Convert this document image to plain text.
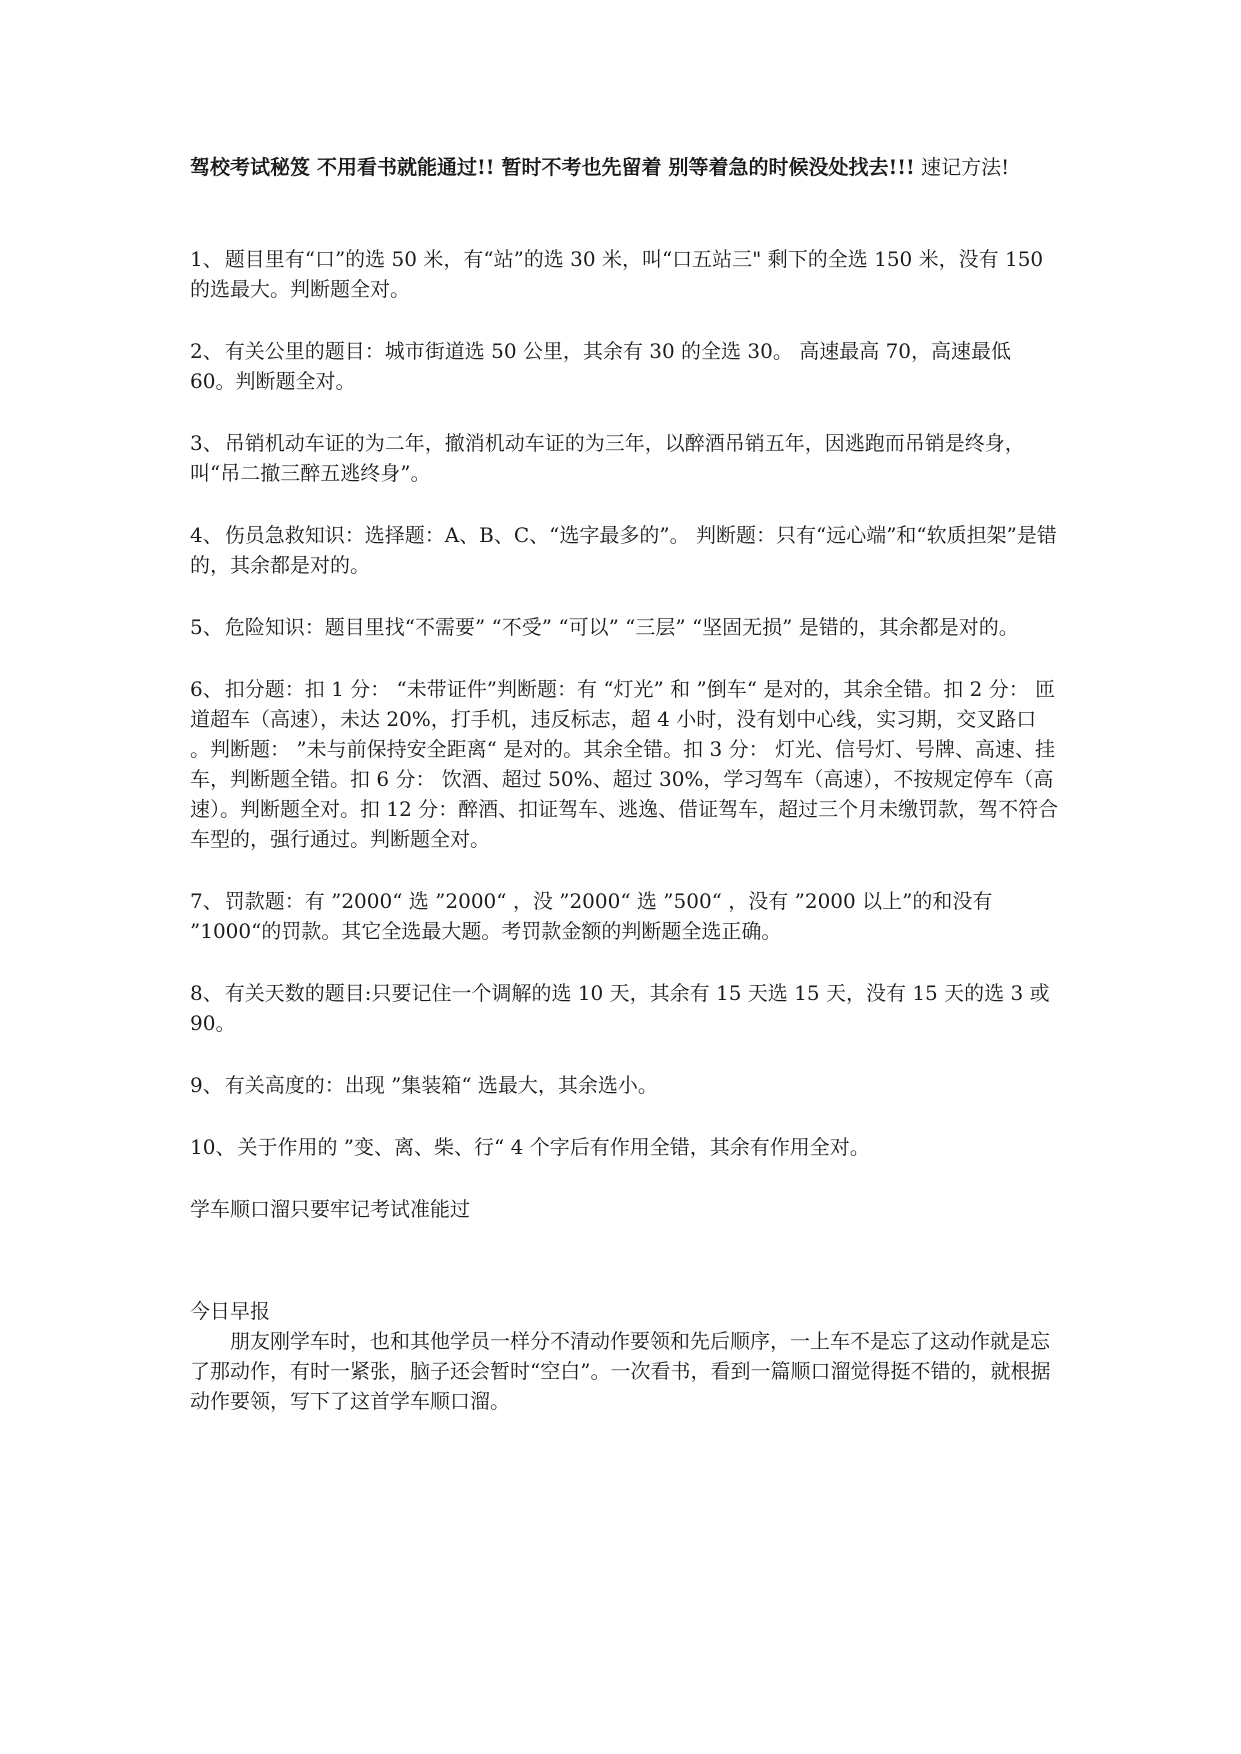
驾校考试秘笈 不用看书就能通过!! 暂时不考也先留着 别等着急的时候没处找去!!! 速记方法!

1、 题目里有“口”的选 50 米，有“站”的选 30 米，叫“口五站三" 剩下的全选 150 米，没有 150 的选最大。判断题全对。

2、 有关公里的题目：城市街道选 50 公里，其余有 30 的全选 30。 高速最高 70，高速最低 60。判断题全对。

3、 吊销机动车证的为二年，撤消机动车证的为三年，以醉酒吊销五年，因逃跑而吊销是终身，叫“吊二撤三醉五逃终身”。

4、 伤员急救知识：选择题：A、B、C、“选字最多的”。 判断题：只有“远心端”和“软质担架”是错的，其余都是对的。

5、 危险知识：题目里找“不需要” “不受” “可以” “三层” “坚固无损” 是错的，其余都是对的。

6、 扣分题：扣 1 分： “未带证件”判断题：有 “灯光” 和 ”倒车“ 是对的，其余全错。扣 2 分： 匝道超车（高速），未达 20%，打手机，违反标志，超 4 小时，没有划中心线，实习期，交叉路口 。判断题： ”未与前保持安全距离“ 是对的。其余全错。扣 3 分： 灯光、信号灯、号牌、高速、挂车，判断题全错。扣 6 分： 饮酒、超过 50%、超过 30%，学习驾车（高速），不按规定停车（高速）。判断题全对。扣 12 分：醉酒、扣证驾车、逃逸、借证驾车，超过三个月未缴罚款，驾不符合车型的，强行通过。判断题全对。

7、 罚款题：有 ”2000“ 选 ”2000“ ，没 ”2000“ 选 ”500“ ，没有 ”2000 以上”的和没有 ”1000“的罚款。其它全选最大题。考罚款金额的判断题全选正确。

8、 有关天数的题目:只要记住一个调解的选 10 天，其余有 15 天选 15 天，没有 15 天的选 3 或 90。

9、 有关高度的：出现 ”集装箱“ 选最大，其余选小。

10、 关于作用的 ”变、离、柴、行“ 4 个字后有作用全错，其余有作用全对。

学车顺口溜只要牢记考试准能过

今日早报

朋友刚学车时，也和其他学员一样分不清动作要领和先后顺序，一上车不是忘了这动作就是忘了那动作，有时一紧张，脑子还会暂时“空白”。一次看书，看到一篇顺口溜觉得挺不错的，就根据动作要领，写下了这首学车顺口溜。
